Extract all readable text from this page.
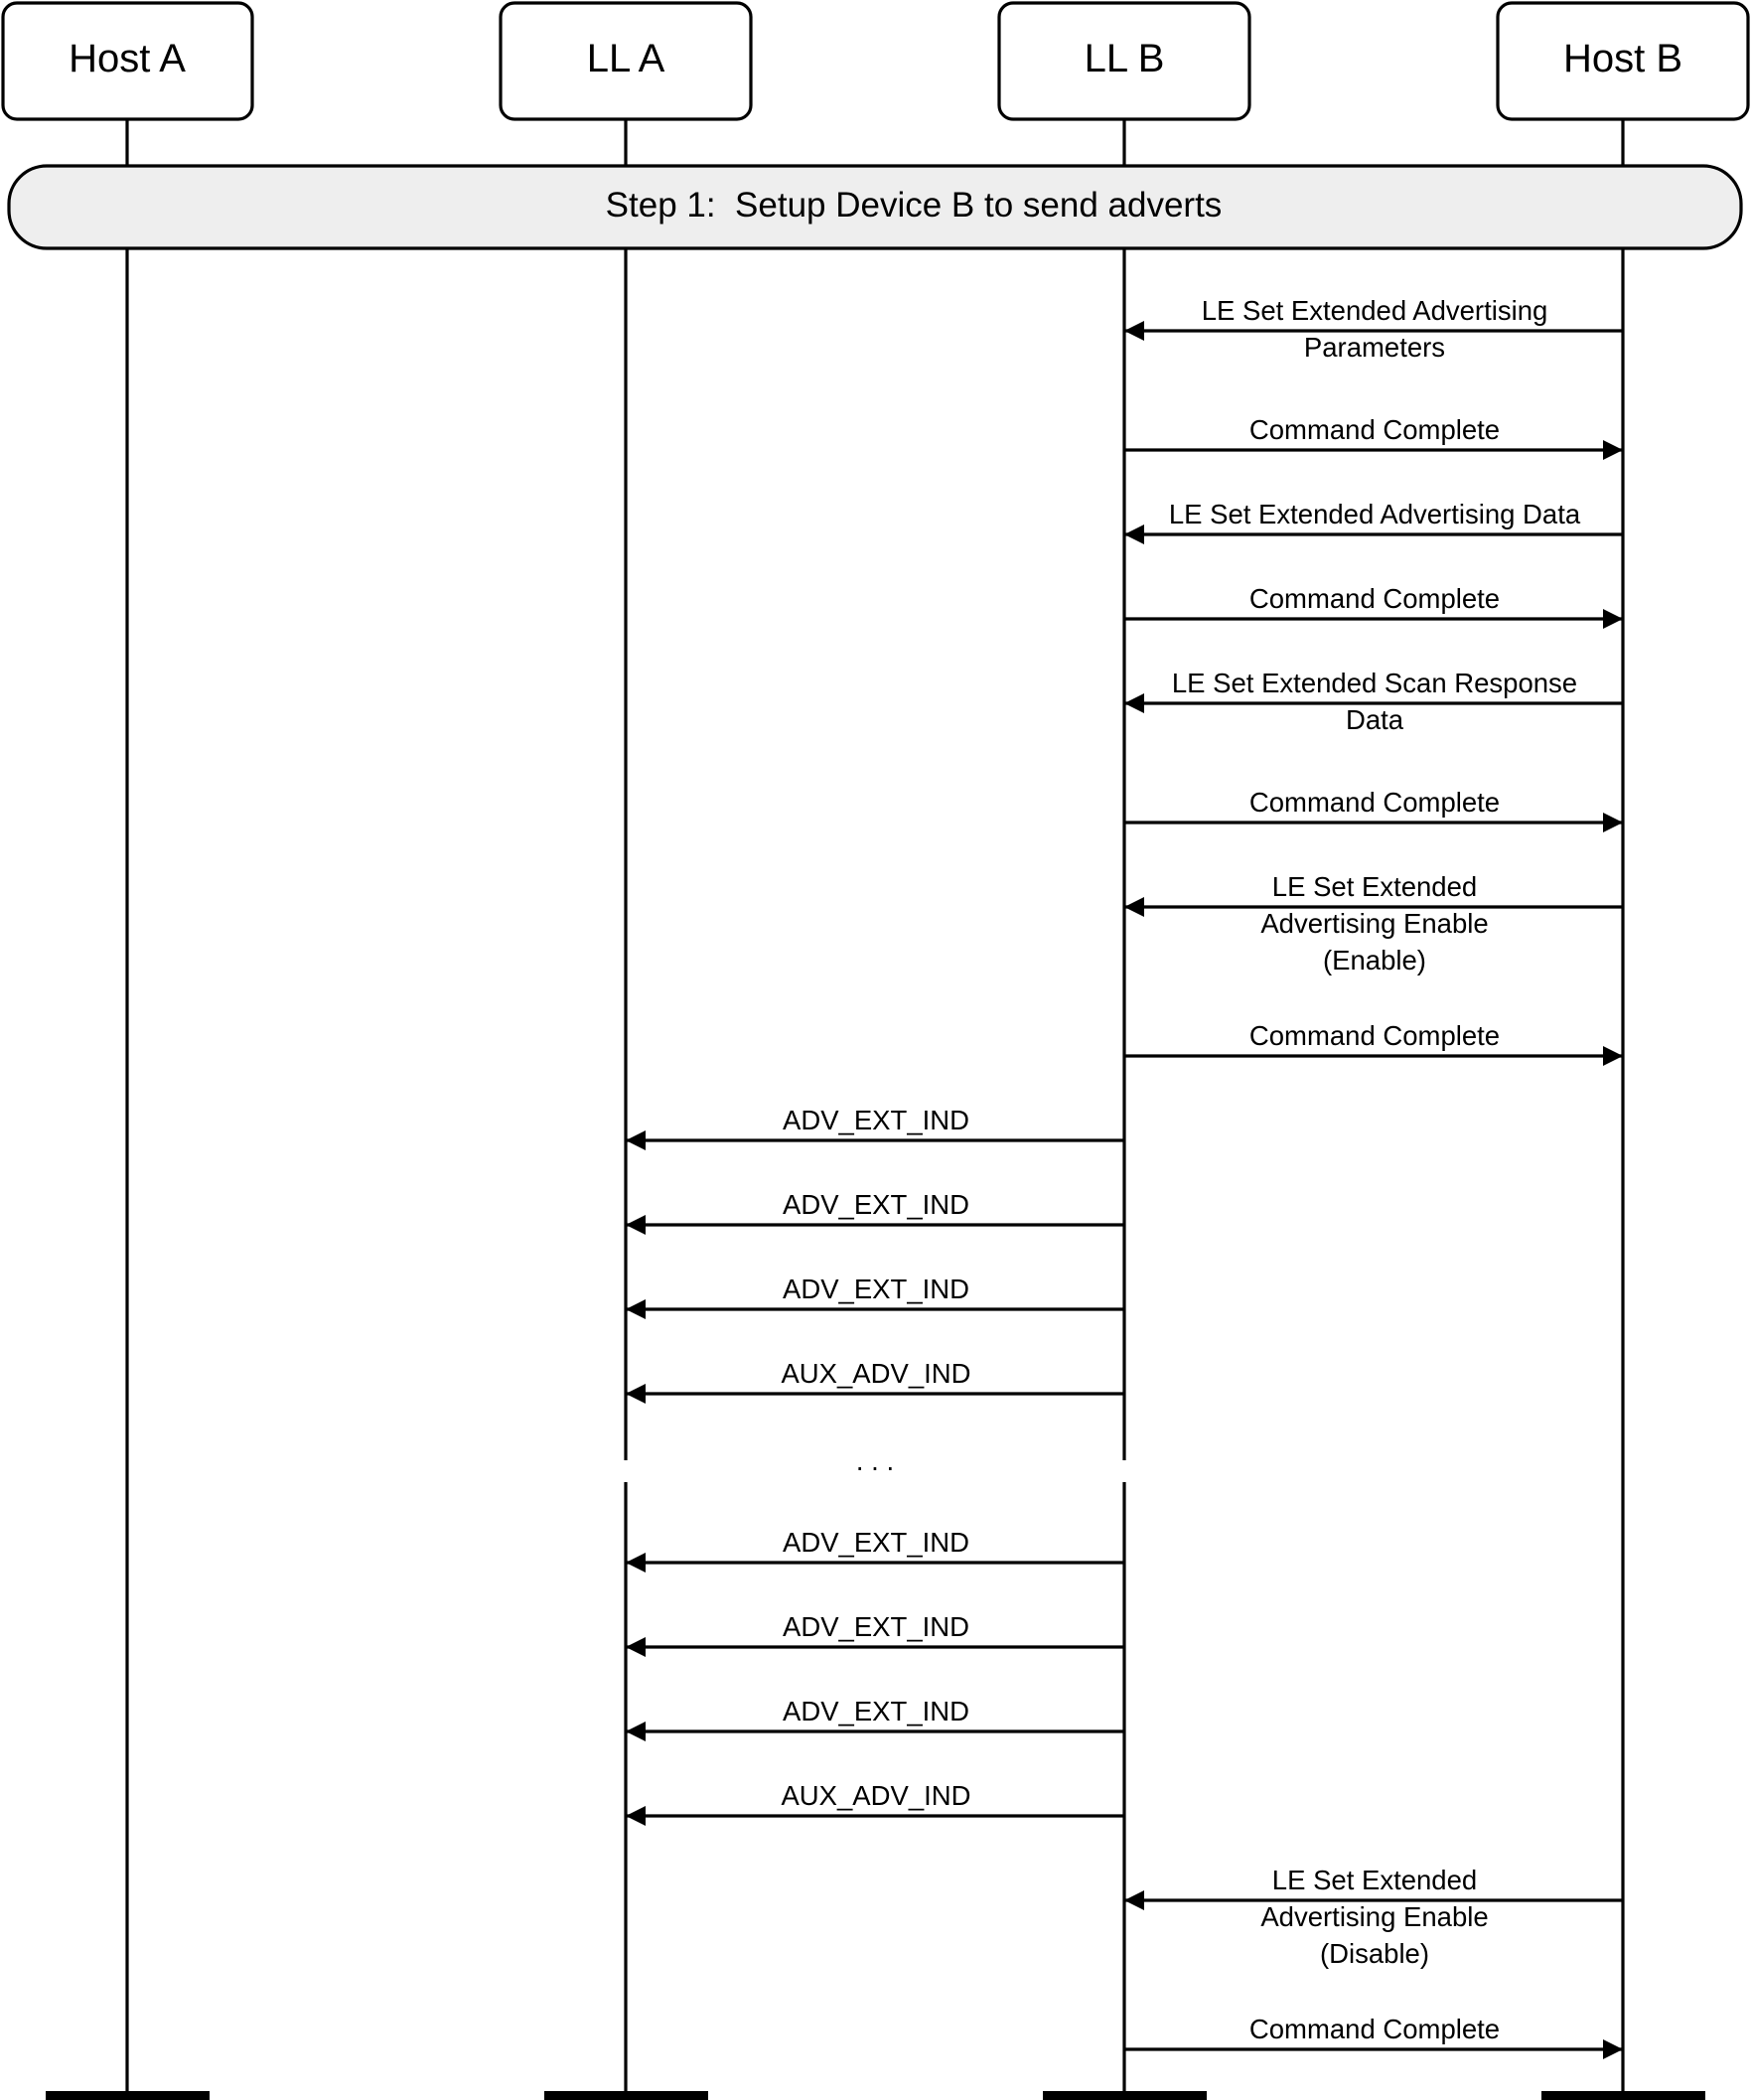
Host A	LL A	LL B	Host B
Step 1:  Setup Device B to send adverts
LE Set Extended Advertising
Parameters
Command Complete
LE Set Extended Advertising Data
Command Complete
LE Set Extended Scan Response
Data
Command Complete
LE Set Extended
Advertising Enable
(Enable)
Command Complete
ADV_EXT_IND
ADV_EXT_IND
ADV_EXT_IND
AUX_ADV_IND
ADV_EXT_IND
ADV_EXT_IND
ADV_EXT_IND
AUX_ADV_IND
LE Set Extended
Advertising Enable
(Disable)
Command Complete
. . .
